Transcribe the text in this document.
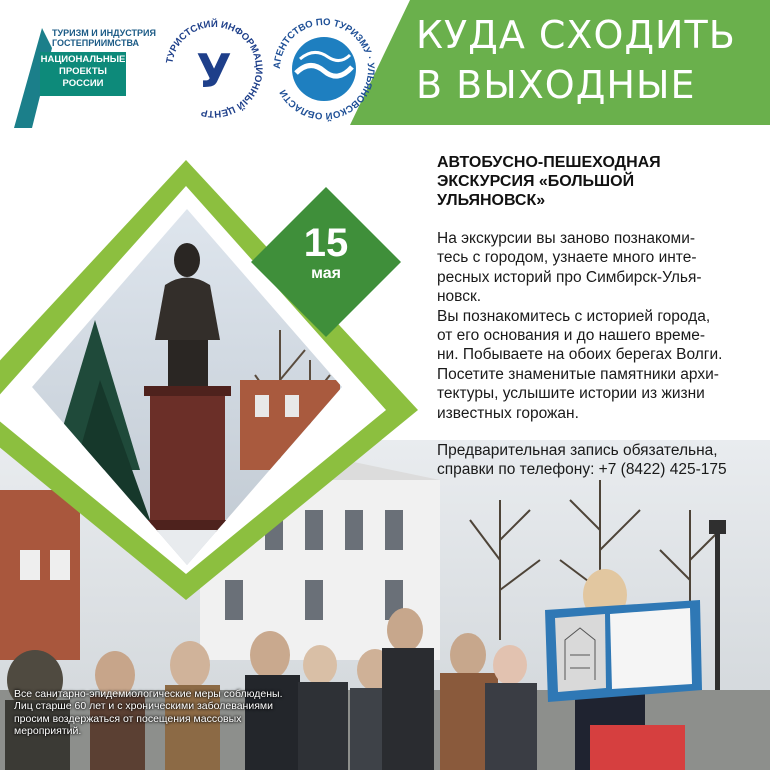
15
мая
КУДА СХОДИТЬ
В ВЫХОДНЫЕ
ТУРИЗМ И ИНДУСТРИЯ
ГОСТЕПРИИМСТВА
НАЦИОНАЛЬНЫЕ
ПРОЕКТЫ
РОССИИ
ТУРИСТСКИЙ ИНФОРМАЦИОННЫЙ ЦЕНТР
У	АГЕНТСТВО ПО ТУРИЗМУ · УЛЬЯНОВСКОЙ ОБЛАСТИ
АВТОБУСНО-ПЕШЕХОДНАЯ
ЭКСКУРСИЯ «БОЛЬШОЙ
УЛЬЯНОВСК»
На экскурсии вы заново познакоми-
тесь с городом, узнаете много инте-
ресных историй про Симбирск-Улья-
новск.
Вы познакомитесь с историей города,
от его основания и до нашего време-
ни. Побываете на обоих берегах Волги.
Посетите знаменитые памятники архи-
тектуры, услышите истории из жизни
известных горожан.
Предварительная запись обязательна,
справки по телефону: +7 (8422) 425-175
Все санитарно-эпидемиологические меры соблюдены.
Лиц старше 60 лет и с хроническими заболеваниями
просим воздержаться от посещения массовых
мероприятий.
